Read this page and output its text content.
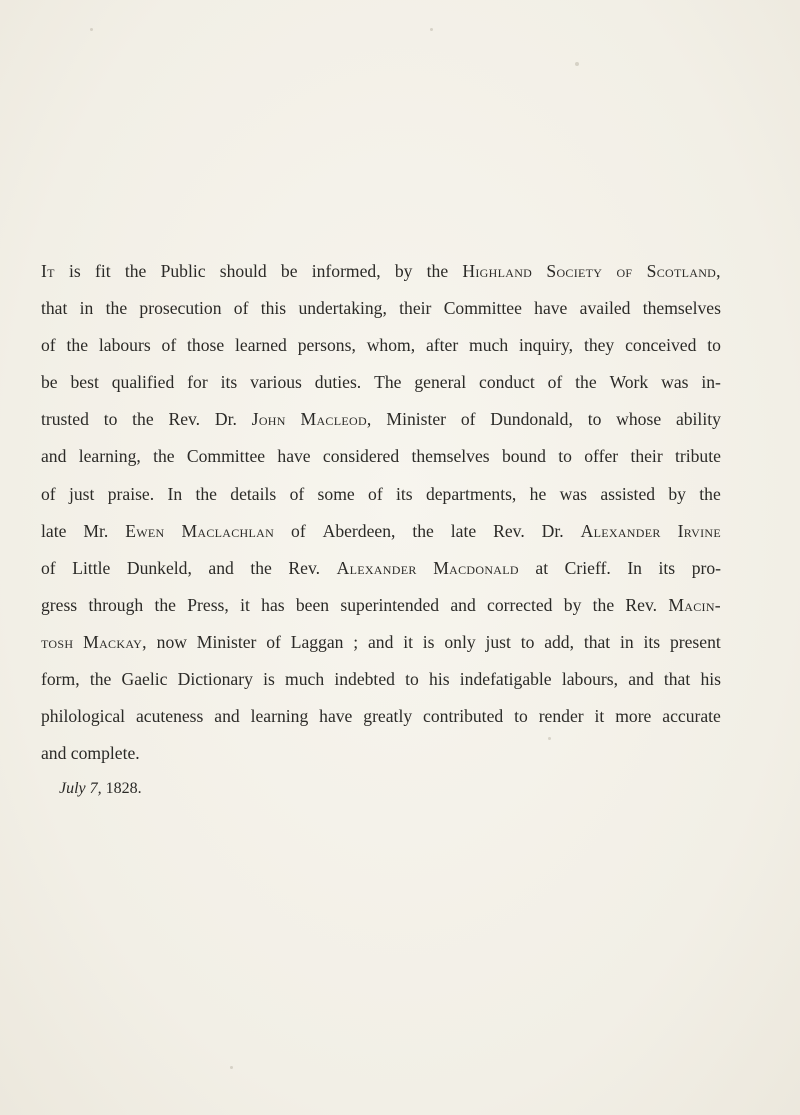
It is fit the Public should be informed, by the Highland Society of Scotland,
that in the prosecution of this undertaking, their Committee have availed themselves
of the labours of those learned persons, whom, after much inquiry, they conceived to
be best qualified for its various duties. The general conduct of the Work was in-
trusted to the Rev. Dr. John Macleod, Minister of Dundonald, to whose ability
and learning, the Committee have considered themselves bound to offer their tribute
of just praise. In the details of some of its departments, he was assisted by the
late Mr. Ewen Maclachlan of Aberdeen, the late Rev. Dr. Alexander Irvine
of Little Dunkeld, and the Rev. Alexander Macdonald at Crieff. In its pro-
gress through the Press, it has been superintended and corrected by the Rev. Macin-
tosh Mackay, now Minister of Laggan ; and it is only just to add, that in its present
form, the Gaelic Dictionary is much indebted to his indefatigable labours, and that his
philological acuteness and learning have greatly contributed to render it more accurate
and complete.
July 7, 1828.
